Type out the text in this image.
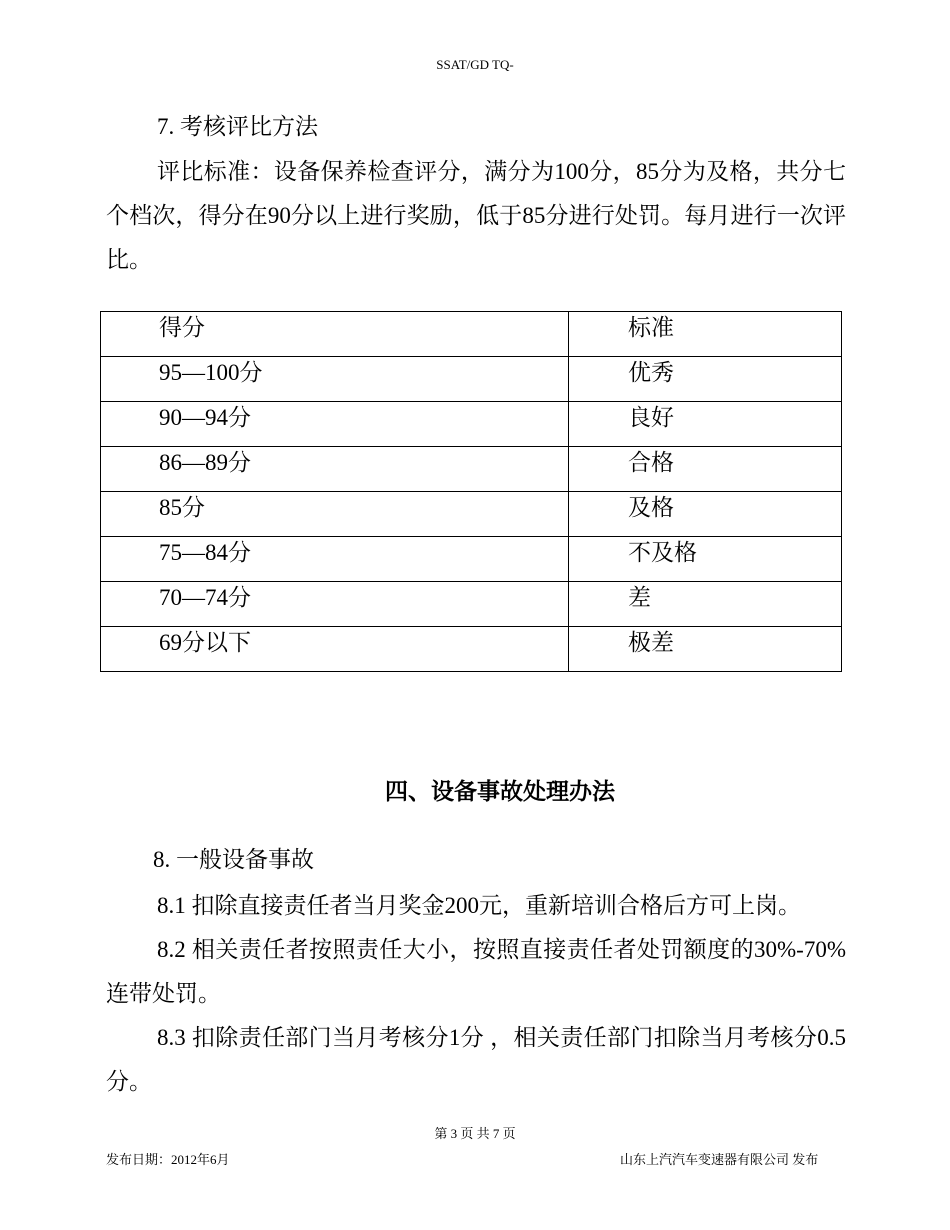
SSAT/GD TQ-
7. 考核评比方法
评比标准：设备保养检查评分，满分为100分，85分为及格，共分七个档次，得分在90分以上进行奖励，低于85分进行处罚。每月进行一次评比。
得分	标准
95—100分	优秀
90—94分	良好
86—89分	合格
85分	及格
75—84分	不及格
70—74分	差
69分以下	极差
四、设备事故处理办法
8. 一般设备事故
8.1 扣除直接责任者当月奖金200元，重新培训合格后方可上岗。
8.2 相关责任者按照责任大小，按照直接责任者处罚额度的30%-70%连带处罚。
8.3 扣除责任部门当月考核分1分 ，相关责任部门扣除当月考核分0.5分。
第 3 页 共 7 页
发布日期：2012年6月	山东上汽汽车变速器有限公司 发布
